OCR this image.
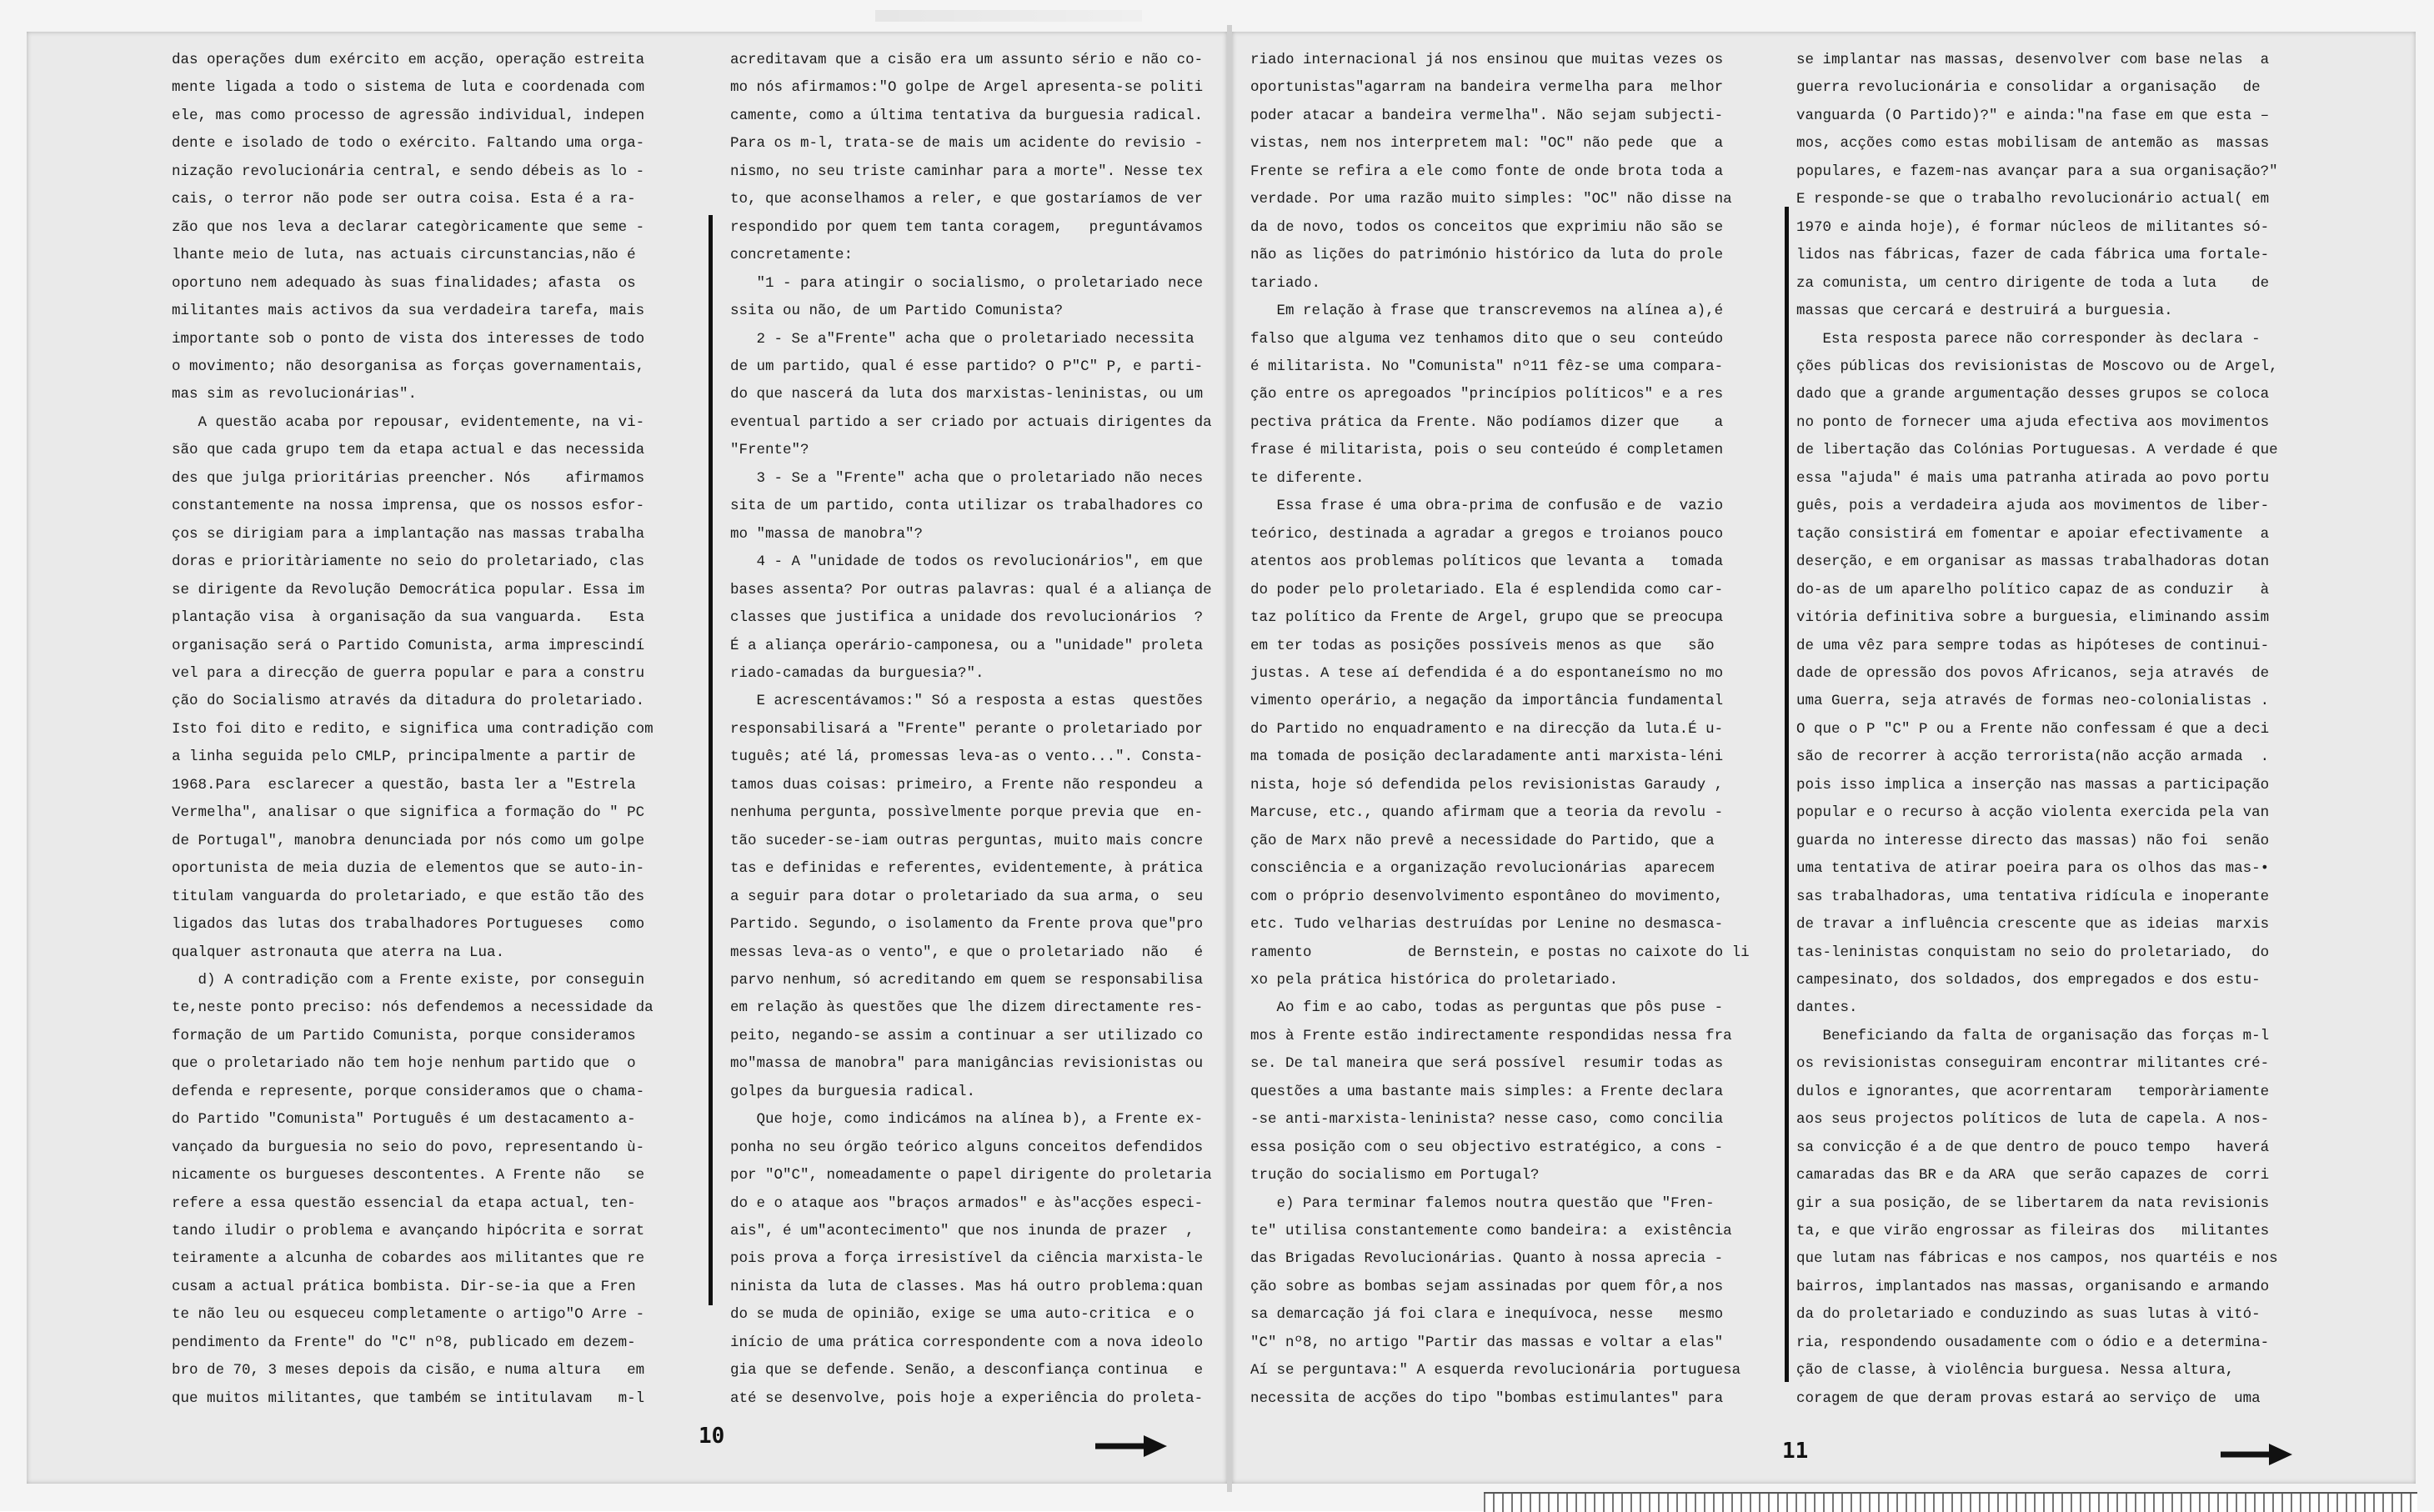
das operações dum exército em acção, operação estreita
mente ligada a todo o sistema de luta e coordenada com
ele, mas como processo de agressão individual, indepen
dente e isolado de todo o exército. Faltando uma orga-
nização revolucionária central, e sendo débeis as lo -
cais, o terror não pode ser outra coisa. Esta é a ra-
zão que nos leva a declarar categòricamente que seme -
lhante meio de luta, nas actuais circunstancias,não é
oportuno nem adequado às suas finalidades; afasta  os
militantes mais activos da sua verdadeira tarefa, mais
importante sob o ponto de vista dos interesses de todo
o movimento; não desorganisa as forças governamentais,
mas sim as revolucionárias".
A questão acaba por repousar, evidentemente, na vi-
são que cada grupo tem da etapa actual e das necessida
des que julga prioritárias preencher. Nós    afirmamos
constantemente na nossa imprensa, que os nossos esfor-
ços se dirigiam para a implantação nas massas trabalha
doras e prioritàriamente no seio do proletariado, clas
se dirigente da Revolução Democrática popular. Essa im
plantação visa  à organisação da sua vanguarda.   Esta
organisação será o Partido Comunista, arma imprescindí
vel para a direcção de guerra popular e para a constru
ção do Socialismo através da ditadura do proletariado.
Isto foi dito e redito, e significa uma contradição com
a linha seguida pelo CMLP, principalmente a partir de
1968.Para  esclarecer a questão, basta ler a "Estrela
Vermelha", analisar o que significa a formação do " PC
de Portugal", manobra denunciada por nós como um golpe
oportunista de meia duzia de elementos que se auto-in-
titulam vanguarda do proletariado, e que estão tão des
ligados das lutas dos trabalhadores Portugueses   como
qualquer astronauta que aterra na Lua.
d) A contradição com a Frente existe, por conseguin
te,neste ponto preciso: nós defendemos a necessidade da
formação de um Partido Comunista, porque consideramos
que o proletariado não tem hoje nenhum partido que  o
defenda e represente, porque consideramos que o chama-
do Partido "Comunista" Português é um destacamento a-
vançado da burguesia no seio do povo, representando ù-
nicamente os burgueses descontentes. A Frente não   se
refere a essa questão essencial da etapa actual, ten-
tando iludir o problema e avançando hipócrita e sorrat
teiramente a alcunha de cobardes aos militantes que re
cusam a actual prática bombista. Dir-se-ia que a Fren
te não leu ou esqueceu completamente o artigo"O Arre -
pendimento da Frente" do "C" nº8, publicado em dezem-
bro de 70, 3 meses depois da cisão, e numa altura   em
que muitos militantes, que também se intitulavam   m-l
acreditavam que a cisão era um assunto sério e não co-
mo nós afirmamos:"O golpe de Argel apresenta-se politi
camente, como a última tentativa da burguesia radical.
Para os m-l, trata-se de mais um acidente do revisio -
nismo, no seu triste caminhar para a morte". Nesse tex
to, que aconselhamos a reler, e que gostaríamos de ver
respondido por quem tem tanta coragem,   preguntávamos
concretamente:
"1 - para atingir o socialismo, o proletariado nece
ssita ou não, de um Partido Comunista?
2 - Se a"Frente" acha que o proletariado necessita
de um partido, qual é esse partido? O P"C" P, e parti-
do que nascerá da luta dos marxistas-leninistas, ou um
eventual partido a ser criado por actuais dirigentes da
"Frente"?
3 - Se a "Frente" acha que o proletariado não neces
sita de um partido, conta utilizar os trabalhadores co
mo "massa de manobra"?
4 - A "unidade de todos os revolucionários", em que
bases assenta? Por outras palavras: qual é a aliança de
classes que justifica a unidade dos revolucionários  ?
É a aliança operário-camponesa, ou a "unidade" proleta
riado-camadas da burguesia?".
E acrescentávamos:" Só a resposta a estas  questões
responsabilisará a "Frente" perante o proletariado por
tuguês; até lá, promessas leva-as o vento...". Consta-
tamos duas coisas: primeiro, a Frente não respondeu  a
nenhuma pergunta, possìvelmente porque previa que  en-
tão suceder-se-iam outras perguntas, muito mais concre
tas e definidas e referentes, evidentemente, à prática
a seguir para dotar o proletariado da sua arma, o  seu
Partido. Segundo, o isolamento da Frente prova que"pro
messas leva-as o vento", e que o proletariado  não   é
parvo nenhum, só acreditando em quem se responsabilisa
em relação às questões que lhe dizem directamente res-
peito, negando-se assim a continuar a ser utilizado co
mo"massa de manobra" para manigâncias revisionistas ou
golpes da burguesia radical.
Que hoje, como indicámos na alínea b), a Frente ex-
ponha no seu órgão teórico alguns conceitos defendidos
por "O"C", nomeadamente o papel dirigente do proletaria
do e o ataque aos "braços armados" e às"acções especi-
ais", é um"acontecimento" que nos inunda de prazer  ,
pois prova a força irresistível da ciência marxista-le
ninista da luta de classes. Mas há outro problema:quan
do se muda de opinião, exige se uma auto-critica  e o
início de uma prática correspondente com a nova ideolo
gia que se defende. Senão, a desconfiança continua   e
até se desenvolve, pois hoje a experiência do proleta-
riado internacional já nos ensinou que muitas vezes os
oportunistas"agarram na bandeira vermelha para  melhor
poder atacar a bandeira vermelha". Não sejam subjecti-
vistas, nem nos interpretem mal: "OC" não pede  que  a
Frente se refira a ele como fonte de onde brota toda a
verdade. Por uma razão muito simples: "OC" não disse na
da de novo, todos os conceitos que exprimiu não são se
não as lições do património histórico da luta do prole
tariado.
Em relação à frase que transcrevemos na alínea a),é
falso que alguma vez tenhamos dito que o seu  conteúdo
é militarista. No "Comunista" nº11 fêz-se uma compara-
ção entre os apregoados "princípios políticos" e a res
pectiva prática da Frente. Não podíamos dizer que    a
frase é militarista, pois o seu conteúdo é completamen
te diferente.
Essa frase é uma obra-prima de confusão e de  vazio
teórico, destinada a agradar a gregos e troianos pouco
atentos aos problemas políticos que levanta a   tomada
do poder pelo proletariado. Ela é esplendida como car-
taz político da Frente de Argel, grupo que se preocupa
em ter todas as posições possíveis menos as que   são
justas. A tese aí defendida é a do espontaneísmo no mo
vimento operário, a negação da importância fundamental
do Partido no enquadramento e na direcção da luta.É u-
ma tomada de posição declaradamente anti marxista-léni
nista, hoje só defendida pelos revisionistas Garaudy ,
Marcuse, etc., quando afirmam que a teoria da revolu -
ção de Marx não prevê a necessidade do Partido, que a
consciência e a organização revolucionárias  aparecem
com o próprio desenvolvimento espontâneo do movimento,
etc. Tudo velharias destruídas por Lenine no desmasca-
ramento           de Bernstein, e postas no caixote do li
xo pela prática histórica do proletariado.
Ao fim e ao cabo, todas as perguntas que pôs puse -
mos à Frente estão indirectamente respondidas nessa fra
se. De tal maneira que será possível  resumir todas as
questões a uma bastante mais simples: a Frente declara
-se anti-marxista-leninista? nesse caso, como concilia
essa posição com o seu objectivo estratégico, a cons -
trução do socialismo em Portugal?
e) Para terminar falemos noutra questão que "Fren-
te" utilisa constantemente como bandeira: a  existência
das Brigadas Revolucionárias. Quanto à nossa aprecia -
ção sobre as bombas sejam assinadas por quem fôr,a nos
sa demarcação já foi clara e inequívoca, nesse   mesmo
"C" nº8, no artigo "Partir das massas e voltar a elas"
Aí se perguntava:" A esquerda revolucionária  portuguesa
necessita de acções do tipo "bombas estimulantes" para
se implantar nas massas, desenvolver com base nelas  a
guerra revolucionária e consolidar a organisação   de
vanguarda (O Partido)?" e ainda:"na fase em que esta –
mos, acções como estas mobilisam de antemão as  massas
populares, e fazem-nas avançar para a sua organisação?"
E responde-se que o trabalho revolucionário actual( em
1970 e ainda hoje), é formar núcleos de militantes só-
lidos nas fábricas, fazer de cada fábrica uma fortale-
za comunista, um centro dirigente de toda a luta    de
massas que cercará e destruirá a burguesia.
Esta resposta parece não corresponder às declara -
ções públicas dos revisionistas de Moscovo ou de Argel,
dado que a grande argumentação desses grupos se coloca
no ponto de fornecer uma ajuda efectiva aos movimentos
de libertação das Colónias Portuguesas. A verdade é que
essa "ajuda" é mais uma patranha atirada ao povo portu
guês, pois a verdadeira ajuda aos movimentos de liber-
tação consistirá em fomentar e apoiar efectivamente  a
deserção, e em organisar as massas trabalhadoras dotan
do-as de um aparelho político capaz de as conduzir   à
vitória definitiva sobre a burguesia, eliminando assim
de uma vêz para sempre todas as hipóteses de continui-
dade de opressão dos povos Africanos, seja através  de
uma Guerra, seja através de formas neo-colonialistas .
O que o P "C" P ou a Frente não confessam é que a deci
são de recorrer à acção terrorista(não acção armada  .
pois isso implica a inserção nas massas a participação
popular e o recurso à acção violenta exercida pela van
guarda no interesse directo das massas) não foi  senão
uma tentativa de atirar poeira para os olhos das mas-•
sas trabalhadoras, uma tentativa ridícula e inoperante
de travar a influência crescente que as ideias  marxis
tas-leninistas conquistam no seio do proletariado,  do
campesinato, dos soldados, dos empregados e dos estu-
dantes.
Beneficiando da falta de organisação das forças m-l
os revisionistas conseguiram encontrar militantes cré-
dulos e ignorantes, que acorrentaram   temporàriamente
aos seus projectos políticos de luta de capela. A nos-
sa convicção é a de que dentro de pouco tempo   haverá
camaradas das BR e da ARA  que serão capazes de  corri
gir a sua posição, de se libertarem da nata revisionis
ta, e que virão engrossar as fileiras dos   militantes
que lutam nas fábricas e nos campos, nos quartéis e nos
bairros, implantados nas massas, organisando e armando
da do proletariado e conduzindo as suas lutas à vitó-
ria, respondendo ousadamente com o ódio e a determina-
ção de classe, à violência burguesa. Nessa altura,
coragem de que deram provas estará ao serviço de  uma
10
11
